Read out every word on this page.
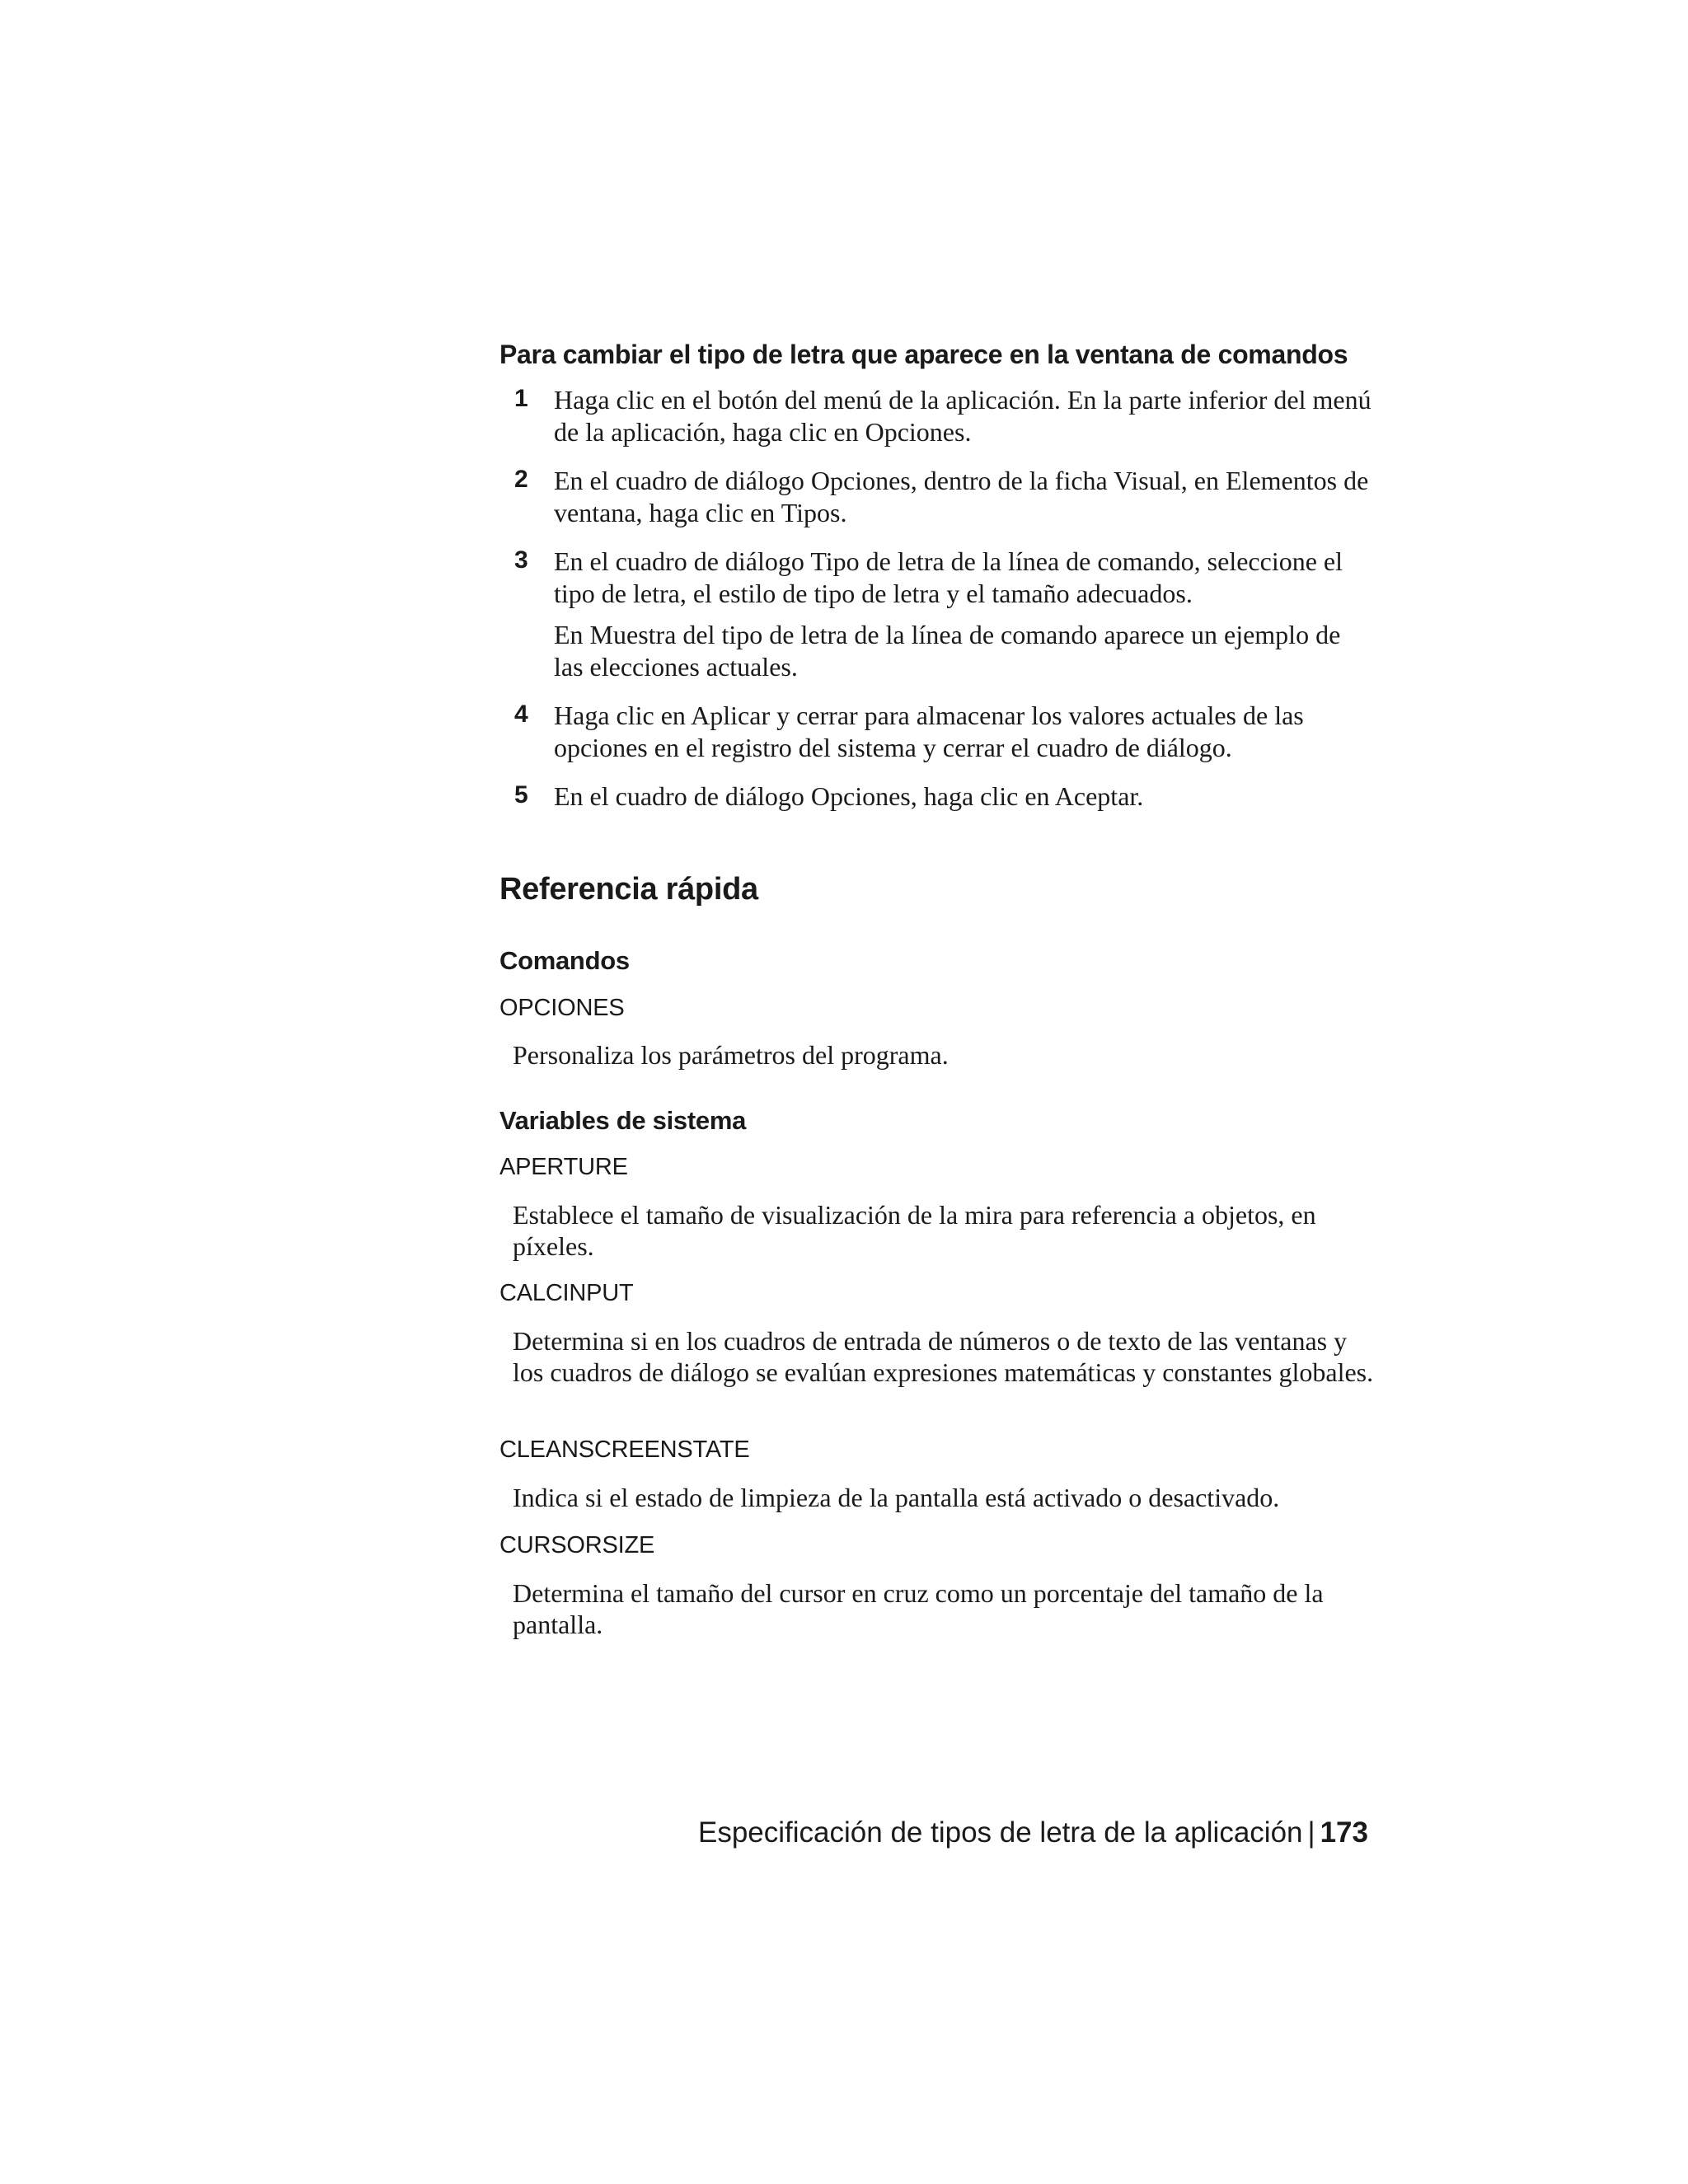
Para cambiar el tipo de letra que aparece en la ventana de comandos
1 Haga clic en el botón del menú de la aplicación. En la parte inferior del menú de la aplicación, haga clic en Opciones.
2 En el cuadro de diálogo Opciones, dentro de la ficha Visual, en Elementos de ventana, haga clic en Tipos.
3 En el cuadro de diálogo Tipo de letra de la línea de comando, seleccione el tipo de letra, el estilo de tipo de letra y el tamaño adecuados.
En Muestra del tipo de letra de la línea de comando aparece un ejemplo de las elecciones actuales.
4 Haga clic en Aplicar y cerrar para almacenar los valores actuales de las opciones en el registro del sistema y cerrar el cuadro de diálogo.
5 En el cuadro de diálogo Opciones, haga clic en Aceptar.
Referencia rápida
Comandos
OPCIONES
Personaliza los parámetros del programa.
Variables de sistema
APERTURE
Establece el tamaño de visualización de la mira para referencia a objetos, en píxeles.
CALCINPUT
Determina si en los cuadros de entrada de números o de texto de las ventanas y los cuadros de diálogo se evalúan expresiones matemáticas y constantes globales.
CLEANSCREENSTATE
Indica si el estado de limpieza de la pantalla está activado o desactivado.
CURSORSIZE
Determina el tamaño del cursor en cruz como un porcentaje del tamaño de la pantalla.
Especificación de tipos de letra de la aplicación | 173
